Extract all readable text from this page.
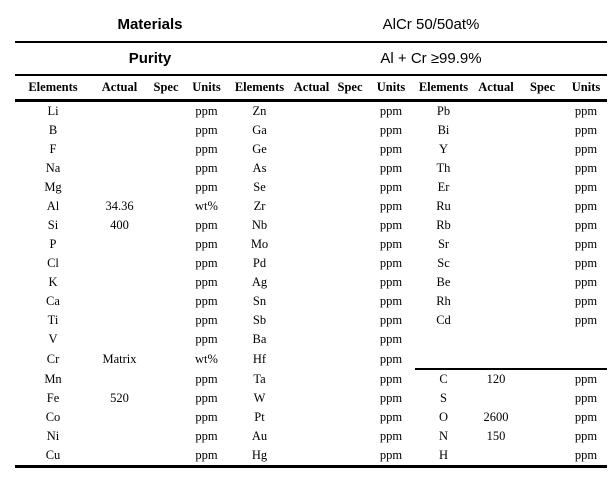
Materials	AlCr 50/50at%
Purity	Al + Cr ≥99.9%
Elements	Actual	Spec	Units	Elements	Actual	Spec	Units	Elements	Actual	Spec	Units
Li			ppm	Zn			ppm	Pb			ppm
B			ppm	Ga			ppm	Bi			ppm
F			ppm	Ge			ppm	Y			ppm
Na			ppm	As			ppm	Th			ppm
Mg			ppm	Se			ppm	Er			ppm
Al	34.36		wt%	Zr			ppm	Ru			ppm
Si	400		ppm	Nb			ppm	Rb			ppm
P			ppm	Mo			ppm	Sr			ppm
Cl			ppm	Pd			ppm	Sc			ppm
K			ppm	Ag			ppm	Be			ppm
Ca			ppm	Sn			ppm	Rh			ppm
Ti			ppm	Sb			ppm	Cd			ppm
V			ppm	Ba			ppm				
Cr	Matrix		wt%	Hf			ppm				
Mn			ppm	Ta			ppm	C	120		ppm
Fe	520		ppm	W			ppm	S			ppm
Co			ppm	Pt			ppm	O	2600		ppm
Ni			ppm	Au			ppm	N	150		ppm
Cu			ppm	Hg			ppm	H			ppm
